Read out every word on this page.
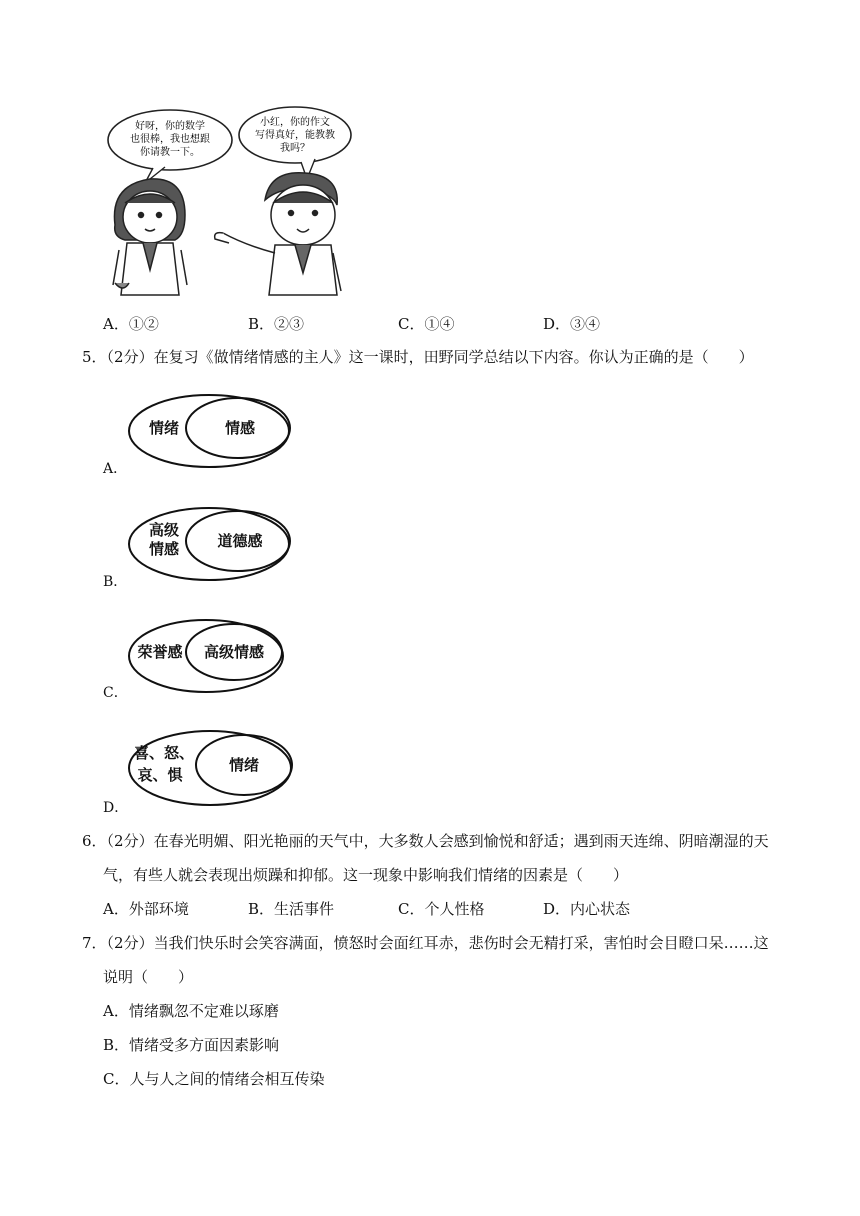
好呀，你的数学
也很棒，我也想跟
你请教一下。
小红，你的作文
写得真好，能教教
我吗？
A．①②	B．②③	C．①④	D．③④
5．（2分）在复习《做情绪情感的主人》这一课时，田野同学总结以下内容。你认为正确的是（　　）
情绪	情感
A．
高级
情感	道德感
B．
荣誉感 高级情感
C．
喜、怒、
哀、惧
情绪
D．
6．（2分）在春光明媚、阳光艳丽的天气中，大多数人会感到愉悦和舒适；遇到雨天连绵、阴暗潮湿的天
气，有些人就会表现出烦躁和抑郁。这一现象中影响我们情绪的因素是（　　）
A．外部环境	B．生活事件	C．个人性格	D．内心状态
7．（2分）当我们快乐时会笑容满面，愤怒时会面红耳赤，悲伤时会无精打采，害怕时会目瞪口呆……这
说明（　　）
A．情绪飘忽不定难以琢磨
B．情绪受多方面因素影响
C．人与人之间的情绪会相互传染
